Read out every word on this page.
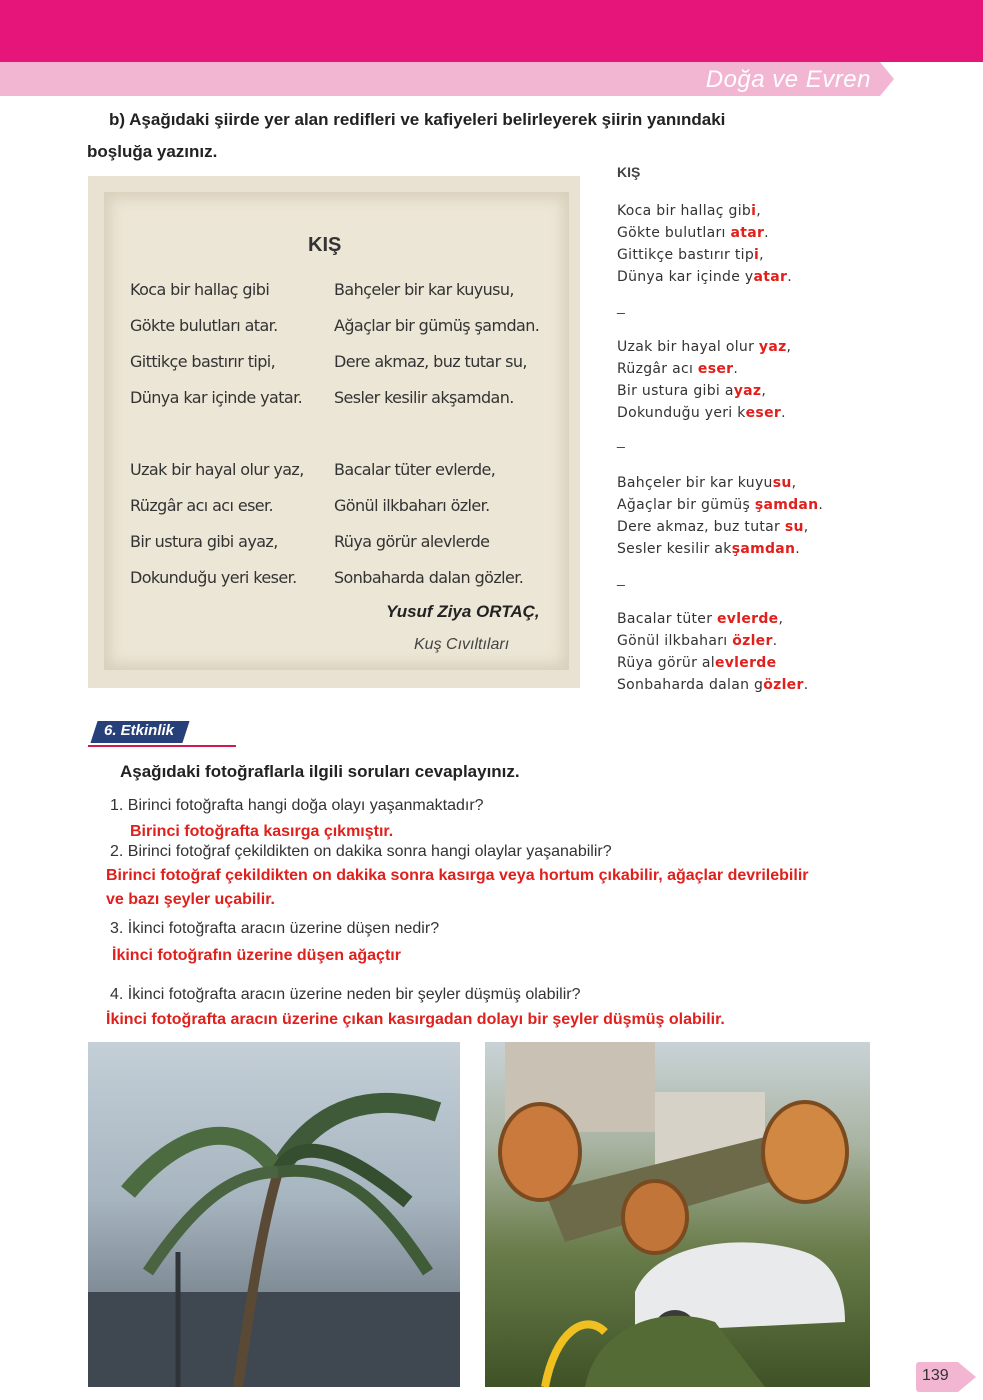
Doğa ve Evren
b) Aşağıdaki şiirde yer alan redifleri ve kafiyeleri belirleyerek şiirin yanındaki
boşluğa yazınız.
KIŞ
Koca bir hallaç gibi
Gökte bulutları atar.
Gittikçe bastırır tipi,
Dünya kar içinde yatar.
Uzak bir hayal olur yaz,
Rüzgâr acı acı eser.
Bir ustura gibi ayaz,
Dokunduğu yeri keser.
Bahçeler bir kar kuyusu,
Ağaçlar bir gümüş şamdan.
Dere akmaz, buz tutar su,
Sesler kesilir akşamdan.
Bacalar tüter evlerde,
Gönül ilkbaharı özler.
Rüya görür alevlerde
Sonbaharda dalan gözler.
Yusuf Ziya ORTAÇ,
Kuş Cıvıltıları
KIŞ
Koca bir hallaç gibi,
Gökte bulutları atar.
Gittikçe bastırır tipi,
Dünya kar içinde yatar.
_
Uzak bir hayal olur yaz,
Rüzgâr acı eser.
Bir ustura gibi ayaz,
Dokunduğu yeri keser.
_
Bahçeler bir kar kuyusu,
Ağaçlar bir gümüş şamdan.
Dere akmaz, buz tutar su,
Sesler kesilir akşamdan.
_
Bacalar tüter evlerde,
Gönül ilkbaharı özler.
Rüya görür alevlerde
Sonbaharda dalan gözler.
6. Etkinlik
Aşağıdaki fotoğraflarla ilgili soruları cevaplayınız.
1. Birinci fotoğrafta hangi doğa olayı yaşanmaktadır?
Birinci fotoğrafta kasırga çıkmıştır.
2. Birinci fotoğraf çekildikten on dakika sonra hangi olaylar yaşanabilir?
Birinci fotoğraf çekildikten on dakika sonra kasırga veya hortum çıkabilir, ağaçlar devrilebilir
ve bazı şeyler uçabilir.
3. İkinci fotoğrafta aracın üzerine düşen nedir?
İkinci fotoğrafın üzerine düşen ağaçtır
4. İkinci fotoğrafta aracın üzerine neden bir şeyler düşmüş olabilir?
İkinci fotoğrafta aracın üzerine çıkan kasırgadan dolayı bir şeyler düşmüş olabilir.
139
